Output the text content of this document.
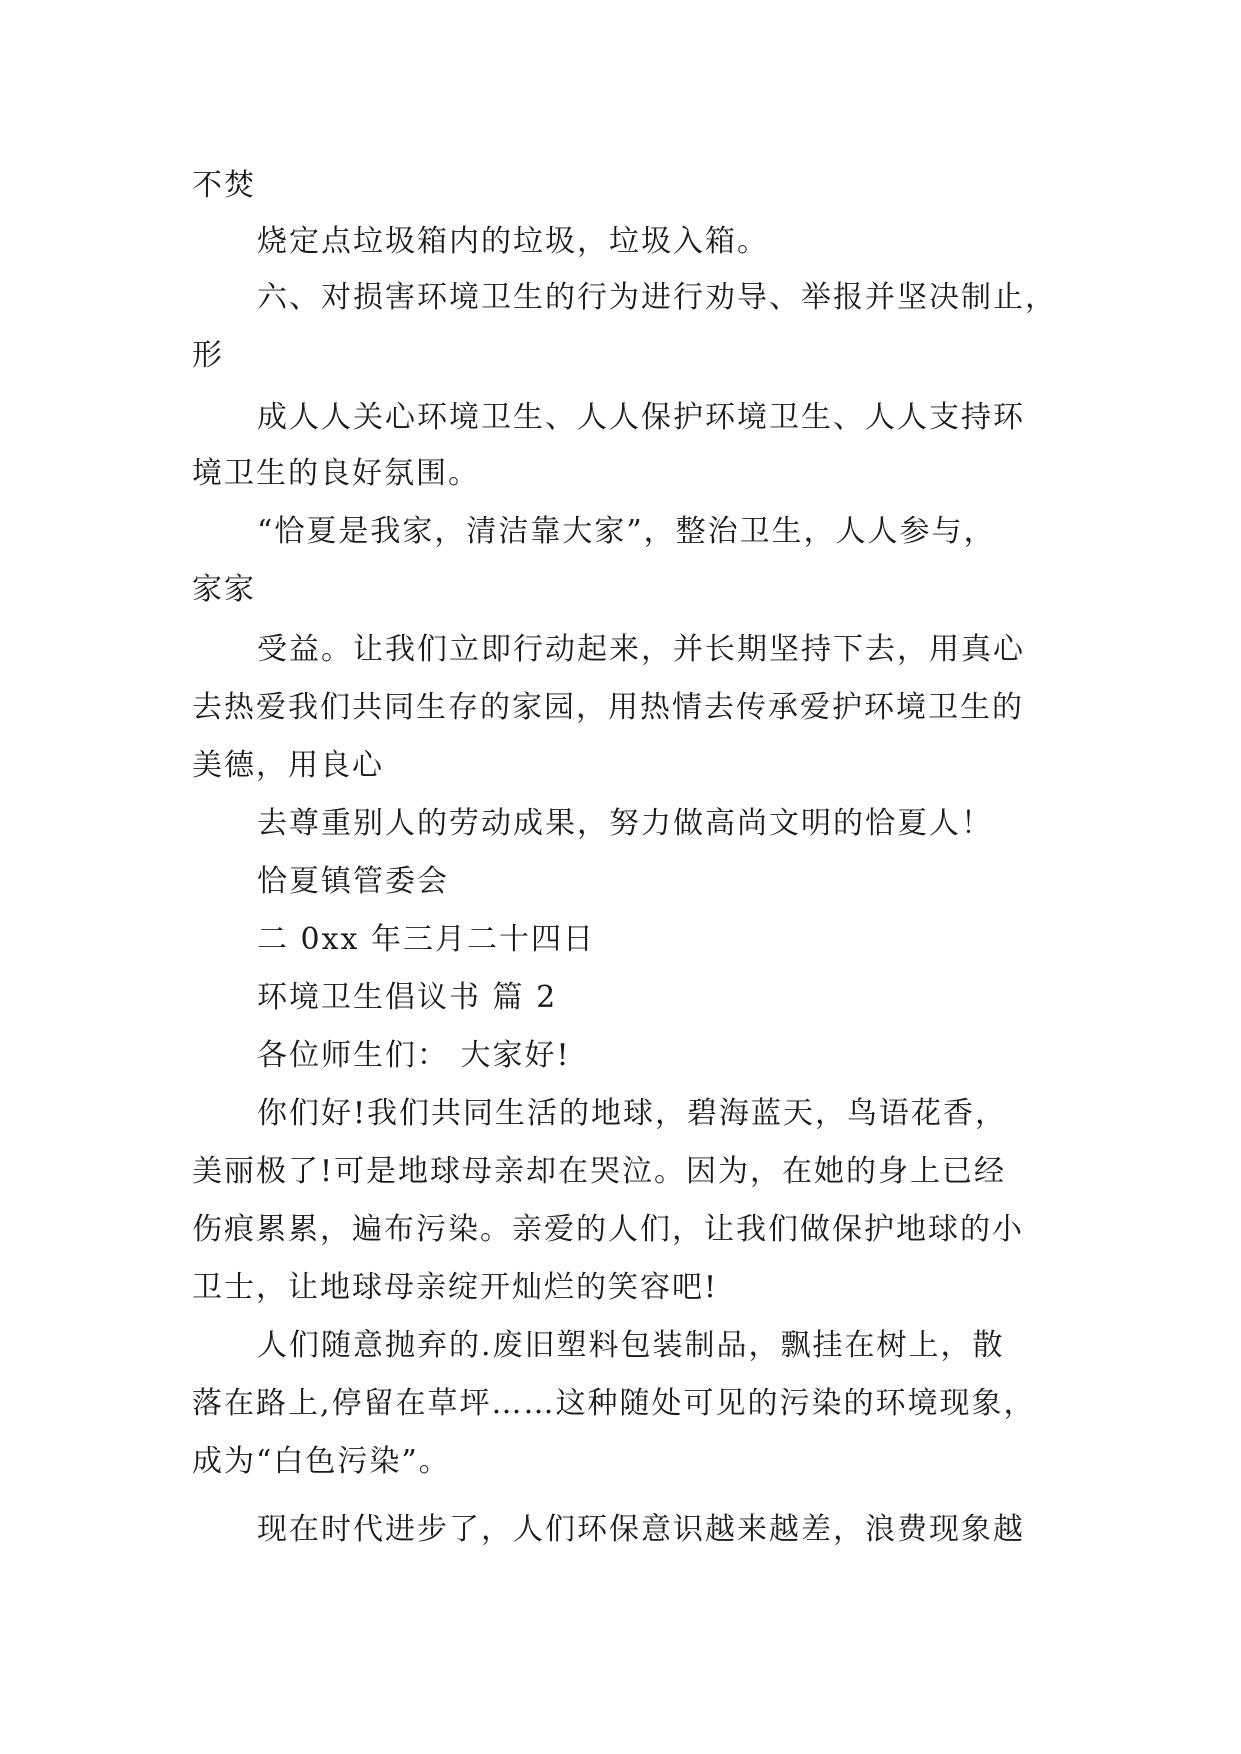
不焚
烧定点垃圾箱内的垃圾，垃圾入箱。
六、对损害环境卫生的行为进行劝导、举报并坚决制止，
形
成人人关心环境卫生、人人保护环境卫生、人人支持环
境卫生的良好氛围。
“恰夏是我家，清洁靠大家”，整治卫生，人人参与，
家家
受益。让我们立即行动起来，并长期坚持下去，用真心
去热爱我们共同生存的家园，用热情去传承爱护环境卫生的
美德，用良心
去尊重别人的劳动成果，努力做高尚文明的恰夏人！
恰夏镇管委会
二 0xx 年三月二十四日
环境卫生倡议书 篇 2
各位师生们： 大家好!
你们好!我们共同生活的地球，碧海蓝天，鸟语花香，
美丽极了!可是地球母亲却在哭泣。因为，在她的身上已经
伤痕累累，遍布污染。亲爱的人们，让我们做保护地球的小
卫士，让地球母亲绽开灿烂的笑容吧!
人们随意抛弃的.废旧塑料包装制品，飘挂在树上，散
落在路上,停留在草坪……这种随处可见的污染的环境现象，
成为“白色污染”。
现在时代进步了，人们环保意识越来越差，浪费现象越
